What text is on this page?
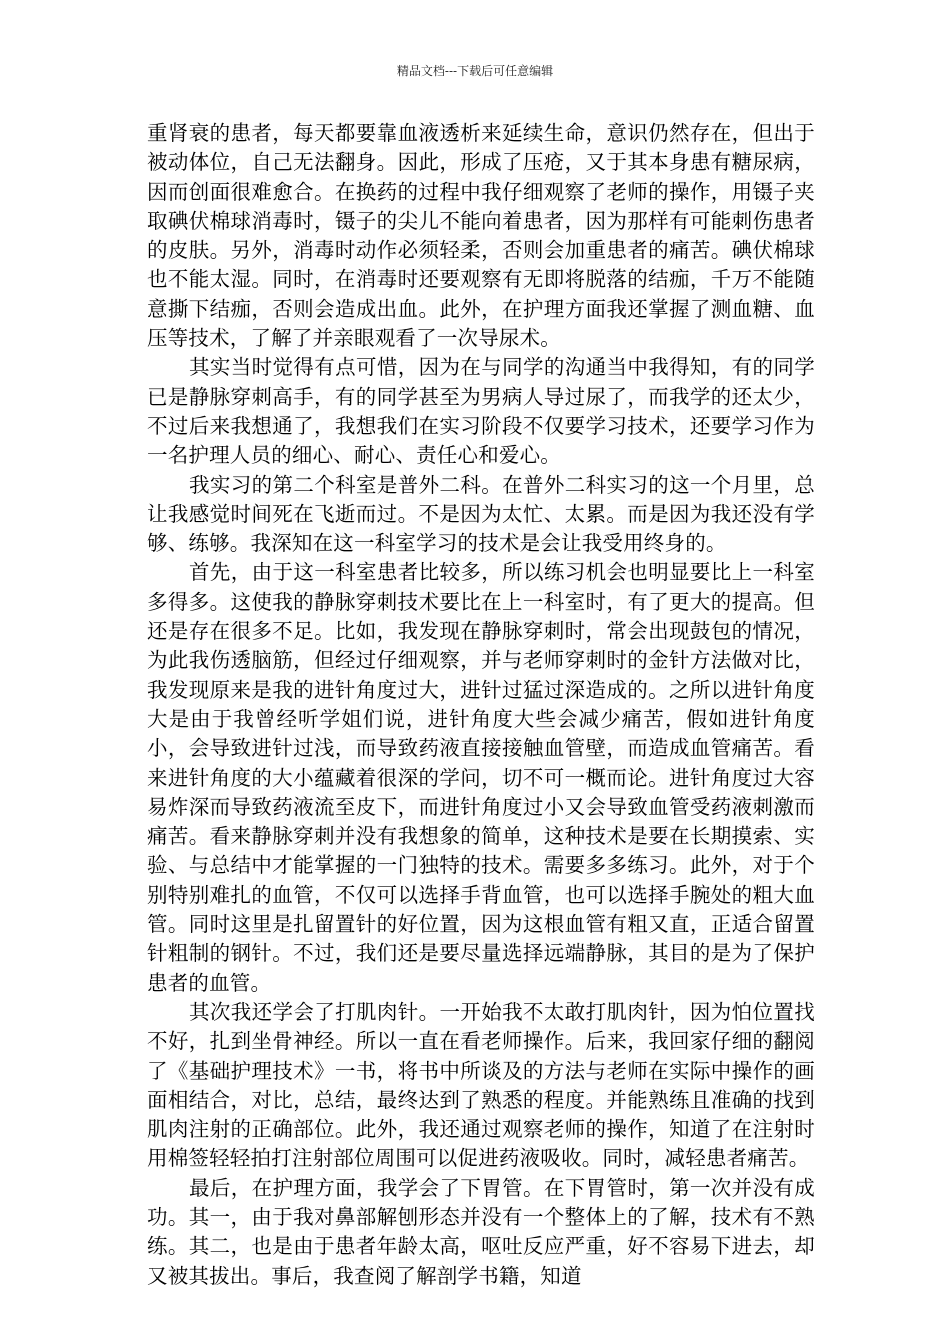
精品文档---下载后可任意编辑

重肾衰的患者，每天都要靠血液透析来延续生命，意识仍然存在，但出于被动体位，自己无法翻身。因此，形成了压疮，又于其本身患有糖尿病，因而创面很难愈合。在换药的过程中我仔细观察了老师的操作，用镊子夹取碘伏棉球消毒时，镊子的尖儿不能向着患者，因为那样有可能刺伤患者的皮肤。另外，消毒时动作必须轻柔，否则会加重患者的痛苦。碘伏棉球也不能太湿。同时，在消毒时还要观察有无即将脱落的结痂，千万不能随意撕下结痂，否则会造成出血。此外，在护理方面我还掌握了测血糖、血压等技术，了解了并亲眼观看了一次导尿术。

其实当时觉得有点可惜，因为在与同学的沟通当中我得知，有的同学已是静脉穿刺高手，有的同学甚至为男病人导过尿了，而我学的还太少，不过后来我想通了，我想我们在实习阶段不仅要学习技术，还要学习作为一名护理人员的细心、耐心、责任心和爱心。

我实习的第二个科室是普外二科。在普外二科实习的这一个月里，总让我感觉时间死在飞逝而过。不是因为太忙、太累。而是因为我还没有学够、练够。我深知在这一科室学习的技术是会让我受用终身的。

首先，由于这一科室患者比较多，所以练习机会也明显要比上一科室多得多。这使我的静脉穿刺技术要比在上一科室时，有了更大的提高。但还是存在很多不足。比如，我发现在静脉穿刺时，常会出现鼓包的情况，为此我伤透脑筋，但经过仔细观察，并与老师穿刺时的金针方法做对比，我发现原来是我的进针角度过大，进针过猛过深造成的。之所以进针角度大是由于我曾经听学姐们说，进针角度大些会减少痛苦，假如进针角度小，会导致进针过浅，而导致药液直接接触血管壁，而造成血管痛苦。看来进针角度的大小蕴藏着很深的学问，切不可一概而论。进针角度过大容易炸深而导致药液流至皮下，而进针角度过小又会导致血管受药液刺激而痛苦。看来静脉穿刺并没有我想象的简单，这种技术是要在长期摸索、实验、与总结中才能掌握的一门独特的技术。需要多多练习。此外，对于个别特别难扎的血管，不仅可以选择手背血管，也可以选择手腕处的粗大血管。同时这里是扎留置针的好位置，因为这根血管有粗又直，正适合留置针粗制的钢针。不过，我们还是要尽量选择远端静脉，其目的是为了保护患者的血管。

其次我还学会了打肌肉针。一开始我不太敢打肌肉针，因为怕位置找不好，扎到坐骨神经。所以一直在看老师操作。后来，我回家仔细的翻阅了《基础护理技术》一书，将书中所谈及的方法与老师在实际中操作的画面相结合，对比，总结，最终达到了熟悉的程度。并能熟练且准确的找到肌肉注射的正确部位。此外，我还通过观察老师的操作，知道了在注射时用棉签轻轻拍打注射部位周围可以促进药液吸收。同时，减轻患者痛苦。

最后，在护理方面，我学会了下胃管。在下胃管时，第一次并没有成功。其一，由于我对鼻部解刨形态并没有一个整体上的了解，技术有不熟练。其二，也是由于患者年龄太高，呕吐反应严重，好不容易下进去，却又被其拔出。事后，我查阅了解剖学书籍，知道
